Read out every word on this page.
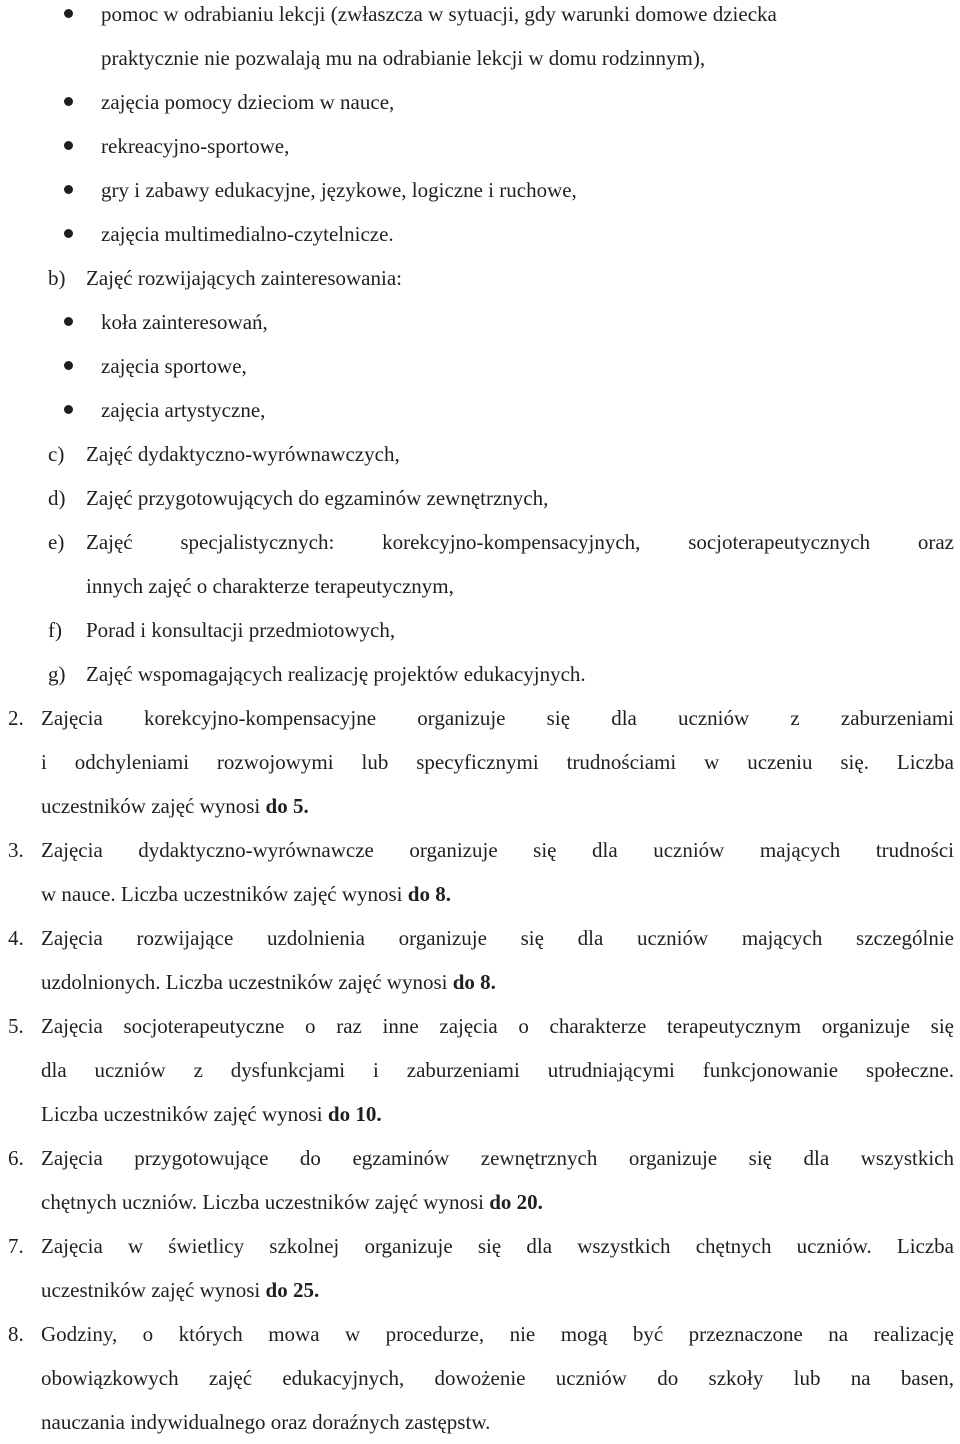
pomoc w odrabianiu lekcji (zwłaszcza w sytuacji, gdy warunki domowe dziecka
praktycznie nie pozwalają mu na odrabianie lekcji w domu rodzinnym),
zajęcia pomocy dzieciom w nauce,
rekreacyjno-sportowe,
gry i zabawy edukacyjne, językowe, logiczne i ruchowe,
zajęcia multimedialno-czytelnicze.
b) Zajęć rozwijających zainteresowania:
koła zainteresowań,
zajęcia sportowe,
zajęcia artystyczne,
c) Zajęć dydaktyczno-wyrównawczych,
d) Zajęć przygotowujących do egzaminów zewnętrznych,
e) Zajęć specjalistycznych: korekcyjno-kompensacyjnych, socjoterapeutycznych oraz
innych zajęć o charakterze terapeutycznym,
f) Porad i konsultacji przedmiotowych,
g) Zajęć wspomagających realizację projektów edukacyjnych.
2. Zajęcia korekcyjno-kompensacyjne organizuje się dla uczniów z zaburzeniami
i odchyleniami rozwojowymi lub specyficznymi trudnościami w uczeniu się. Liczba
uczestników zajęć wynosi do 5.
3. Zajęcia dydaktyczno-wyrównawcze organizuje się dla uczniów mających trudności
w nauce. Liczba uczestników zajęć wynosi do 8.
4. Zajęcia rozwijające uzdolnienia organizuje się dla uczniów mających szczególnie
uzdolnionych. Liczba uczestników zajęć wynosi do 8.
5. Zajęcia socjoterapeutyczne o raz inne zajęcia o charakterze terapeutycznym organizuje się
dla uczniów z dysfunkcjami i zaburzeniami utrudniającymi funkcjonowanie społeczne.
Liczba uczestników zajęć wynosi do 10.
6. Zajęcia przygotowujące do egzaminów zewnętrznych organizuje się dla wszystkich
chętnych uczniów. Liczba uczestników zajęć wynosi do 20.
7. Zajęcia w świetlicy szkolnej organizuje się dla wszystkich chętnych uczniów. Liczba
uczestników zajęć wynosi do 25.
8. Godziny, o których mowa w procedurze, nie mogą być przeznaczone na realizację
obowiązkowych zajęć edukacyjnych, dowożenie uczniów do szkoły lub na basen,
nauczania indywidualnego oraz doraźnych zastępstw.
